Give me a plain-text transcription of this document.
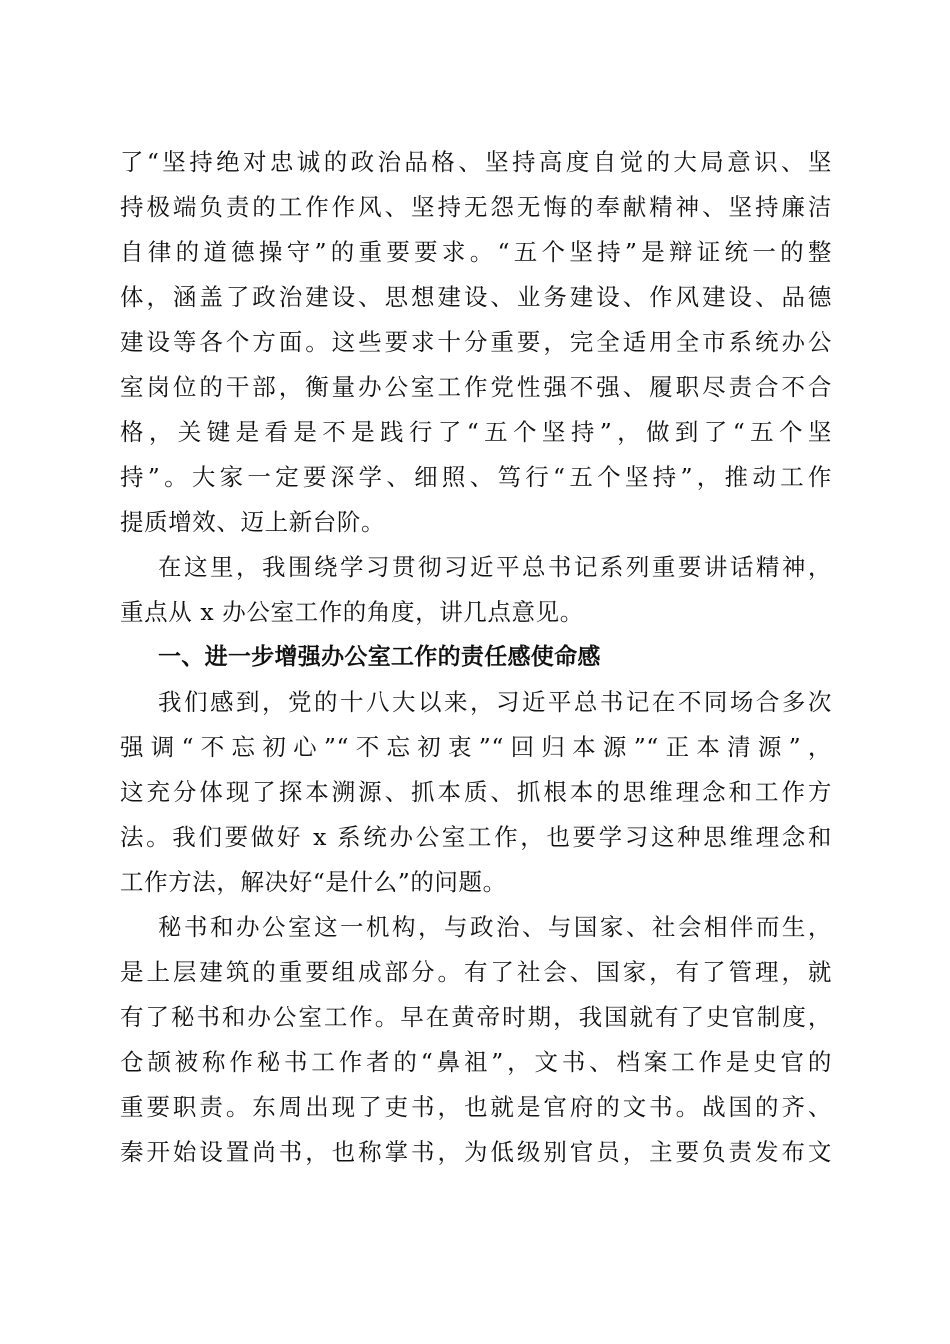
了“坚持绝对忠诚的政治品格、坚持高度自觉的大局意识、坚
持极端负责的工作作风、坚持无怨无悔的奉献精神、坚持廉洁
自律的道德操守”的重要要求。“五个坚持”是辩证统一的整
体，涵盖了政治建设、思想建设、业务建设、作风建设、品德
建设等各个方面。这些要求十分重要，完全适用全市系统办公
室岗位的干部，衡量办公室工作党性强不强、履职尽责合不合
格，关键是看是不是践行了“五个坚持”，做到了“五个坚
持”。大家一定要深学、细照、笃行“五个坚持”，推动工作
提质增效、迈上新台阶。
在这里，我围绕学习贯彻习近平总书记系列重要讲话精神，
重点从 x 办公室工作的角度，讲几点意见。
一、进一步增强办公室工作的责任感使命感
我们感到，党的十八大以来，习近平总书记在不同场合多次
强调“不忘初心”“不忘初衷”“回归本源”“正本清源”，
这充分体现了探本溯源、抓本质、抓根本的思维理念和工作方
法。我们要做好 x 系统办公室工作，也要学习这种思维理念和
工作方法，解决好“是什么”的问题。
秘书和办公室这一机构，与政治、与国家、社会相伴而生，
是上层建筑的重要组成部分。有了社会、国家，有了管理，就
有了秘书和办公室工作。早在黄帝时期，我国就有了史官制度，
仓颉被称作秘书工作者的“鼻祖”，文书、档案工作是史官的
重要职责。东周出现了吏书，也就是官府的文书。战国的齐、
秦开始设置尚书，也称掌书，为低级别官员，主要负责发布文
